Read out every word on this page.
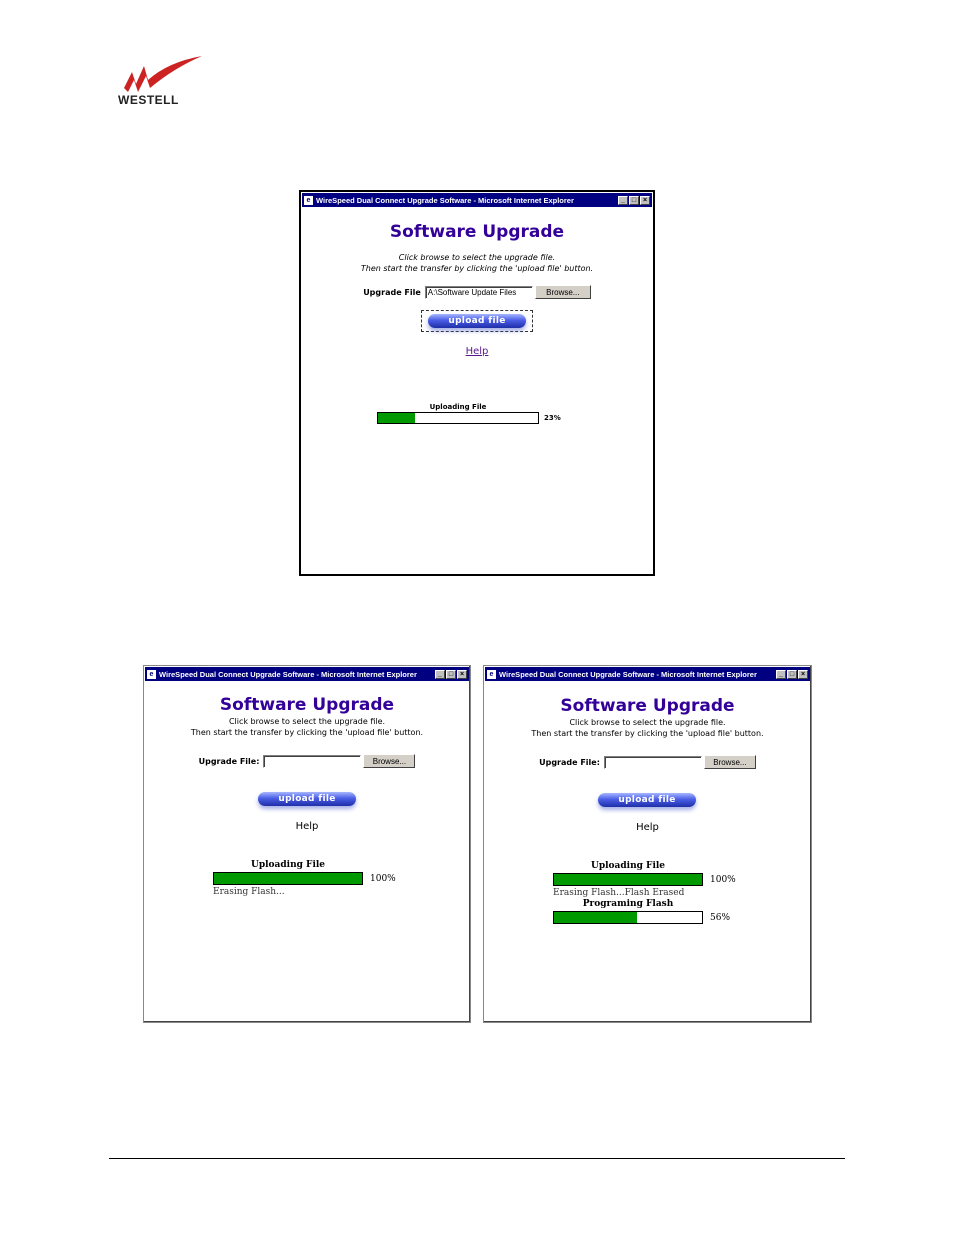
WESTELL
e WireSpeed Dual Connect Upgrade Software - Microsoft Internet Explorer	_ □ ×
Software Upgrade
Click browse to select the upgrade file.
Then start the transfer by clicking the 'upload file' button.
Upgrade File A:\Software Update Files	Browse...
upload file
Help
Uploading File
23%
e WireSpeed Dual Connect Upgrade Software - Microsoft Internet Explorer	_ □ ×
Software Upgrade
Click browse to select the upgrade file.
Then start the transfer by clicking the 'upload file' button.
Upgrade File:	Browse...
upload file
Help
Uploading File
100%
Erasing Flash...
e WireSpeed Dual Connect Upgrade Software - Microsoft Internet Explorer	_ □ ×
Software Upgrade
Click browse to select the upgrade file.
Then start the transfer by clicking the 'upload file' button.
Upgrade File:	Browse...
upload file
Help
Uploading File
100%
Erasing Flash...Flash Erased
Programing Flash
56%
